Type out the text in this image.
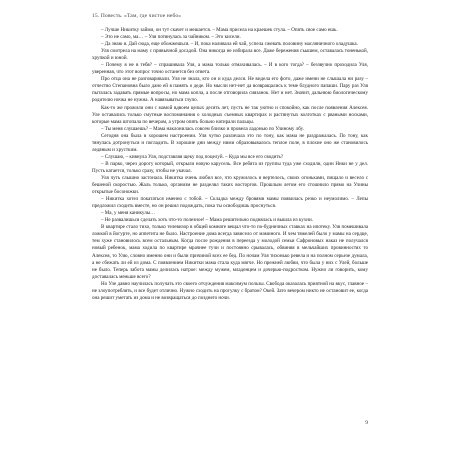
15. Повесть. «Там, где чистое небо»

– Лучше Никитку займи, он тут скачет и мешается. – Мама присела на краешек стула. – Опять свое само ешь.

– Это не само, ма… – Уля потянулась за чайником. – Это кисели.

– Да знаю я. Дай сюда, еще обожжешься. – И, пока наливала ей чай, успела сжевать половину масляничного оладушка.

Уля смотрела на маму с привычной досадой. Она никогда не избирала все. Даже бережения съышем, оставалась тоненькой, хрупкой и юной.

– Почему я не в тебя? – спрашивала Уля, а мама только отмахивалась. – И в кого тогда? – беззвучно проходила Уля, уверенная, что этот вопрос точно останется без ответа.

Про отца она не разговаривали. Уля не знала, кто он и куда делся. Не видела его фото, даже имени не слышала ни разу – отчество Степановна было дано ей в память о деде. Но мысли нет-нет да возвращались к теме блудного папаши. Пару раз Уля пыталась задавать прямые вопросы, но мама копла, а после отговорила сиязанок. Нет и нет. Значит, дальнюю биологическому родителю ночка не нужна. А навязываться глупо.

Как-то же прожили они с мамой вдвоем целых десять лет, пусть не так уютно и спокойно, как после появления Алексея. Уле оставались только смутные воспоминания о холодных съемных квартирах и растянутых колготках с рваными носками, которые мама штопала по вечерам, а утром опять больно натирали пальцы.

– Ты меня слушаешь? – Мама наклонилась совсем близко и провела ладонью по Улиному лбу.

Сегодня она была в хорошем настроении. Уля чутко различала это по тону, как мама не раздражалась. По тону, как тянулась дотронуться и погладить. В хорошие дни между ними образовывалось теплое поле, в плохие оно же становилось ледяным и хрустким.

– Слушаю, – кивнула Уля, подставляя щеку под поцелуй. – Куда мы все его сводить?

– В парко, через дорогу который, открыли новую карусель. Все ребята из группы туда уже сходили, один Ники не у дел. Пусть катается, только сразу, чтобы не укачал.

Уля чуть слышно застонала. Никитка очень любил все, что кружилось и вертелось, своих огоньками, пищало и весело с бешеной скоростью. Жаль только, организм не разделял таких восторгов. Прошлым летом его стошнило прямо на Улины открытые босоножки.

– Никитка хотел покататься именно с тобой. – Складка между бровями мамы появилась резко и неумолимо. – Лепы предложил сходить вместе, но он решил подождать, пока ты освободишь проснуться.

– Ма, у меня каникулы…

– Не развалишься сделать хоть что-то полезное! – Мама решительно поднялась и вышла из кухни.

В квартире стало тихо, только телевизор в общей комнате вещал что-то по-будничных ставках на ипотеку. Уля помешивала ложкой в йогурте, но аппетита не было. Настроение дома всегда зависело от маминого. И чем тяжелей было у мамы на сердце, тем хуже становилось всем остальным. Когда после рождения в переезда у молодой семьи Сафроновых наказ не получался новый ребенок, мама ходила по квартире мрачнее тучи и постоянно срывалась, обвиняя в мельчайших провинностях то Алексея, то Улю, словно именно они и были причиной всех ее бед. По ночам Уля тихонько ревела и на полном серьезе думала, а не сбежать ли ей из дома. С появлением Никитки мама стала куда мягче. Но прежней любви, что была у них с Улей, больше не было. Теперь забота мамы делилась натрое: между мужем, младенцем и дочерью-подростком. Нужно ли говорить, кому доставалась меньше всего?

Но Уле давно научилась получать это своего отчуждения максимум пользы. Свобода оказалась приятной на вкус, главное – не злоупотреблять, и все будет отлично. Нужно сходить на прогулку с братом? Окей. Зато вечером никто не остановит ее, когда она решит уметать из дома и не возвращаться до позднего ночи.

9
